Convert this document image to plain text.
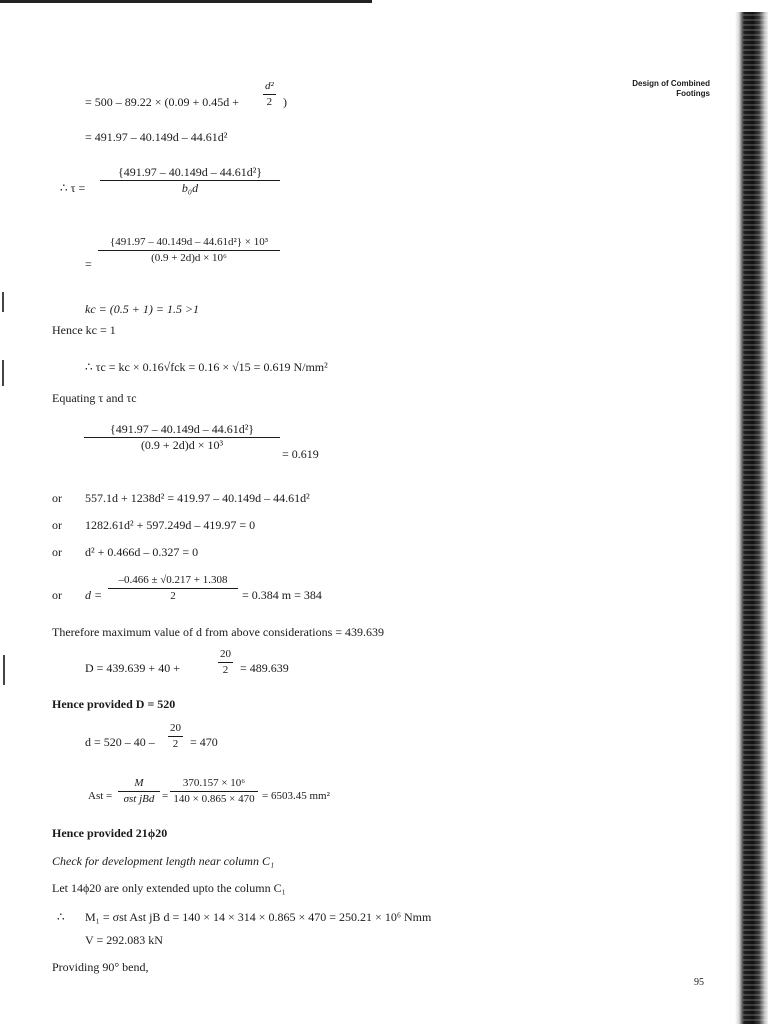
Design of Combined
Footings
= 500 – 89.22 × (0.09 + 0.45d +
d²
2 )
= 491.97 – 40.149d – 44.61d²
∴ τ =
{491.97 – 40.149d – 44.61d²}
b₀d
=
{491.97 – 40.149d – 44.61d²} × 10³
(0.9 + 2d)d × 10⁶
kc = (0.5 + 1) = 1.5 >1
Hence kc = 1
∴ τc = kc × 0.16√fck = 0.16 × √15 = 0.619 N/mm²
Equating τ and τc
{491.97 – 40.149d – 44.61d²}
(0.9 + 2d)d × 10³
= 0.619
or 557.1d + 1238d² = 419.97 – 40.149d – 44.61d²
or 1282.61d² + 597.249d – 419.97 = 0
or d² + 0.466d – 0.327 = 0
or d =
–0.466 ± √0.217 + 1.308
2	= 0.384 m = 384
Therefore maximum value of d from above considerations = 439.639
D = 439.639 + 40 +
20
2 = 489.639
Hence provided D = 520
d = 520 – 40 –
20
2 = 470
Ast =
M
σst jBd =
370.157 × 10⁶
140 × 0.865 × 470 = 6503.45 mm²
Hence provided 21ϕ20
Check for development length near column C₁
Let 14ϕ20 are only extended upto the column C₁
∴ M₁ = σst Ast jB d = 140 × 14 × 314 × 0.865 × 470 = 250.21 × 10⁶ Nmm
V = 292.083 kN
Providing 90° bend,
95
